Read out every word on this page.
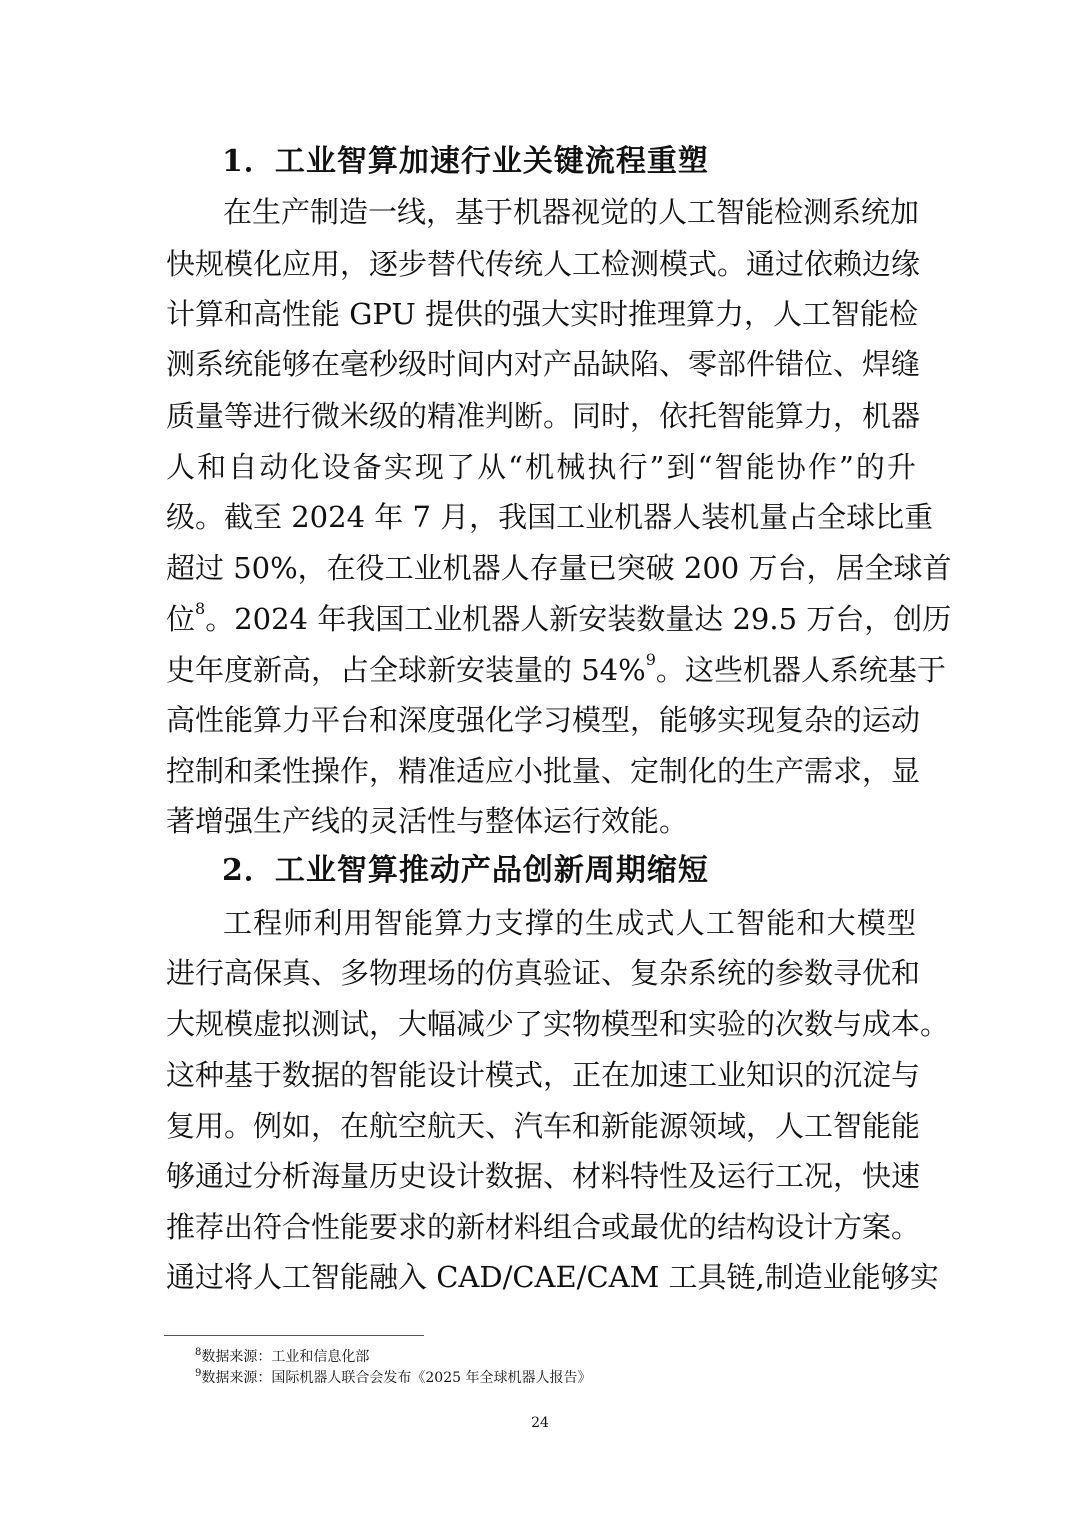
1．工业智算加速行业关键流程重塑

在生产制造一线，基于机器视觉的人工智能检测系统加

快规模化应用，逐步替代传统人工检测模式。通过依赖边缘

计算和高性能 GPU 提供的强大实时推理算力，人工智能检

测系统能够在毫秒级时间内对产品缺陷、零部件错位、焊缝

质量等进行微米级的精准判断。同时，依托智能算力，机器

人和自动化设备实现了从“机械执行”到“智能协作”的升

级。截至 2024 年 7 月，我国工业机器人装机量占全球比重

超过 50%，在役工业机器人存量已突破 200 万台，居全球首

位$^8$。2024 年我国工业机器人新安装数量达 29.5 万台，创历

史年度新高，占全球新安装量的 54%$^9$。这些机器人系统基于

高性能算力平台和深度强化学习模型，能够实现复杂的运动

控制和柔性操作，精准适应小批量、定制化的生产需求，显

著增强生产线的灵活性与整体运行效能。

2．工业智算推动产品创新周期缩短

工程师利用智能算力支撑的生成式人工智能和大模型

进行高保真、多物理场的仿真验证、复杂系统的参数寻优和

大规模虚拟测试，大幅减少了实物模型和实验的次数与成本。

这种基于数据的智能设计模式，正在加速工业知识的沉淀与

复用。例如，在航空航天、汽车和新能源领域，人工智能能

够通过分析海量历史设计数据、材料特性及运行工况，快速

推荐出符合性能要求的新材料组合或最优的结构设计方案。

通过将人工智能融入 CAD/CAE/CAM 工具链,制造业能够实

$^8$数据来源：工业和信息化部

$^9$数据来源：国际机器人联合会发布《2025 年全球机器人报告》

24
